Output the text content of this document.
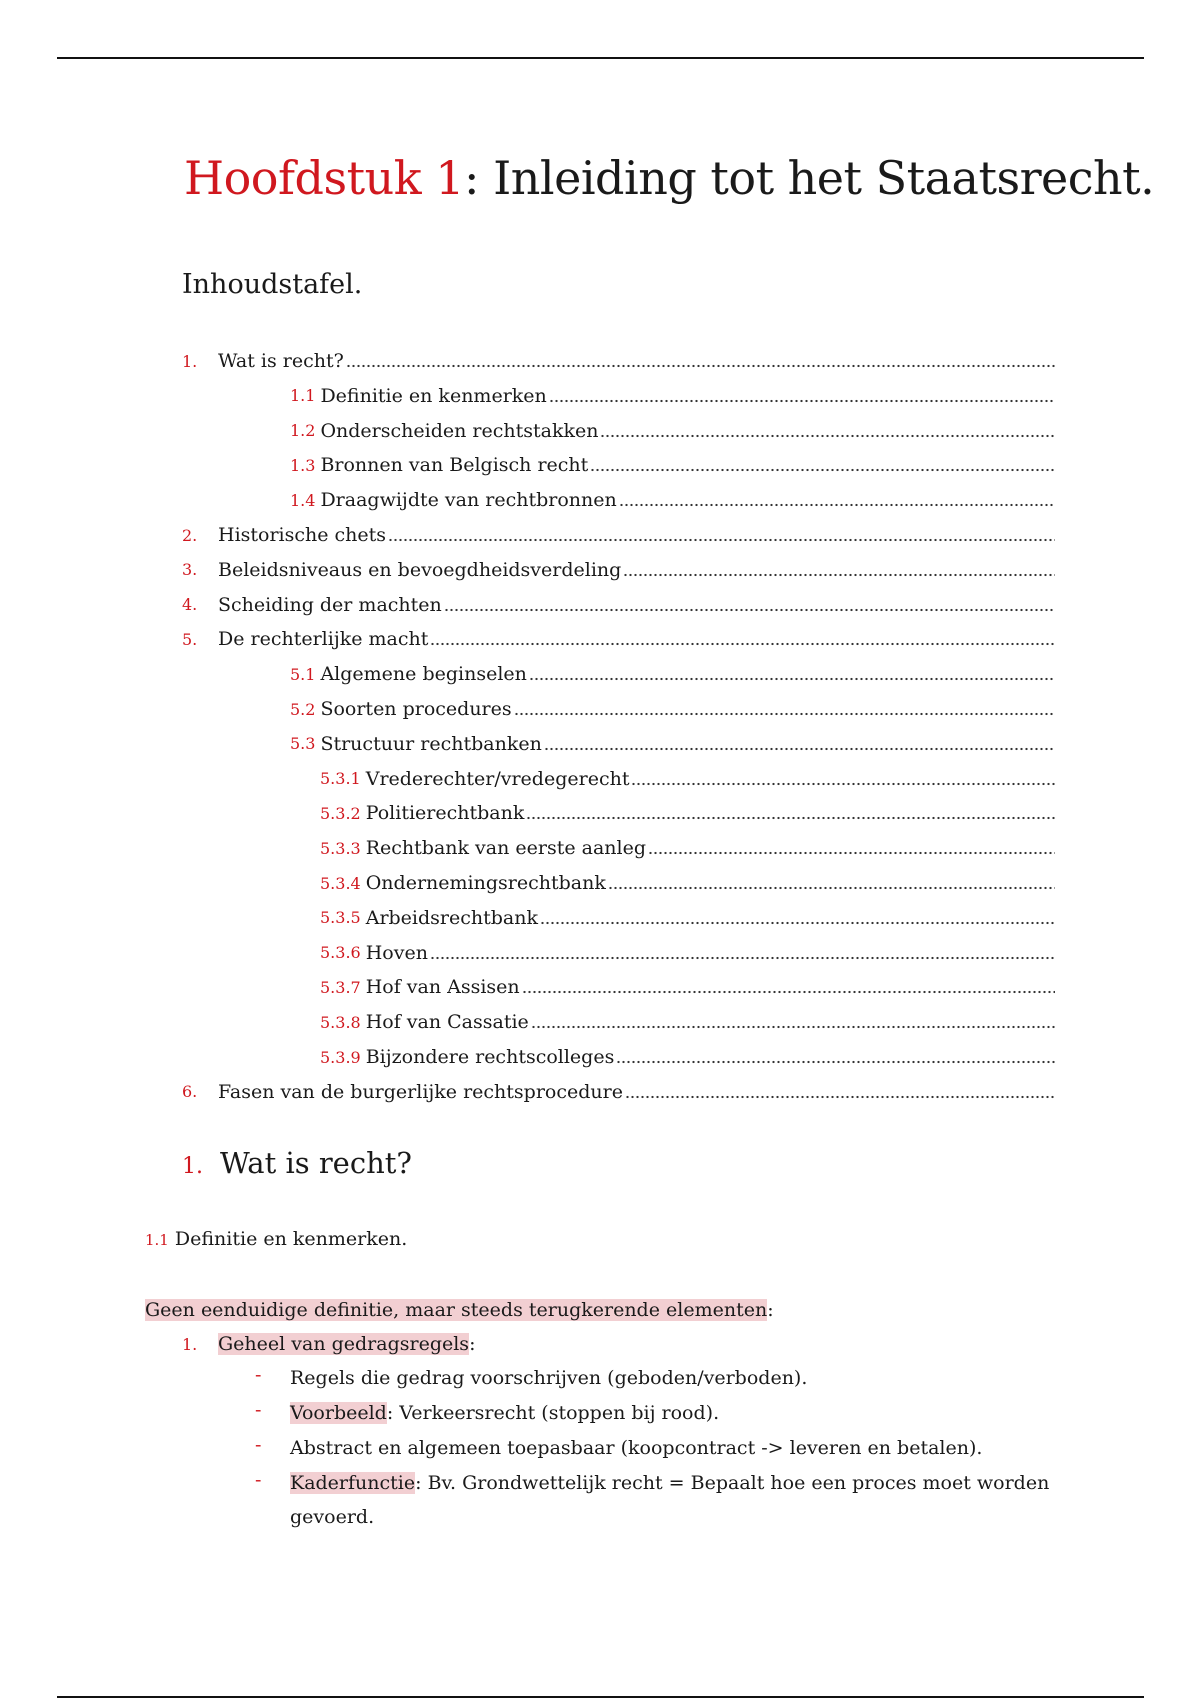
Hoofdstuk 1: Inleiding tot het Staatsrecht.
Inhoudstafel.
1.	Wat is recht?
1.1 Definitie en kenmerken
1.2 Onderscheiden rechtstakken
1.3 Bronnen van Belgisch recht
1.4 Draagwijdte van rechtbronnen
2.	Historische chets
3.	Beleidsniveaus en bevoegdheidsverdeling
4.	Scheiding der machten
5.	De rechterlijke macht
5.1 Algemene beginselen
5.2 Soorten procedures
5.3 Structuur rechtbanken
5.3.1 Vrederechter/vredegerecht
5.3.2 Politierechtbank
5.3.3 Rechtbank van eerste aanleg
5.3.4 Ondernemingsrechtbank
5.3.5 Arbeidsrechtbank
5.3.6 Hoven
5.3.7 Hof van Assisen
5.3.8 Hof van Cassatie
5.3.9 Bijzondere rechtscolleges
6.	Fasen van de burgerlijke rechtsprocedure
1. Wat is recht?
1.1 Definitie en kenmerken.
Geen eenduidige definitie, maar steeds terugkerende elementen:
1. Geheel van gedragsregels:
- Regels die gedrag voorschrijven (geboden/verboden).
- Voorbeeld: Verkeersrecht (stoppen bij rood).
- Abstract en algemeen toepasbaar (koopcontract -> leveren en betalen).
- Kaderfunctie: Bv. Grondwettelijk recht = Bepaalt hoe een proces moet worden
gevoerd.
